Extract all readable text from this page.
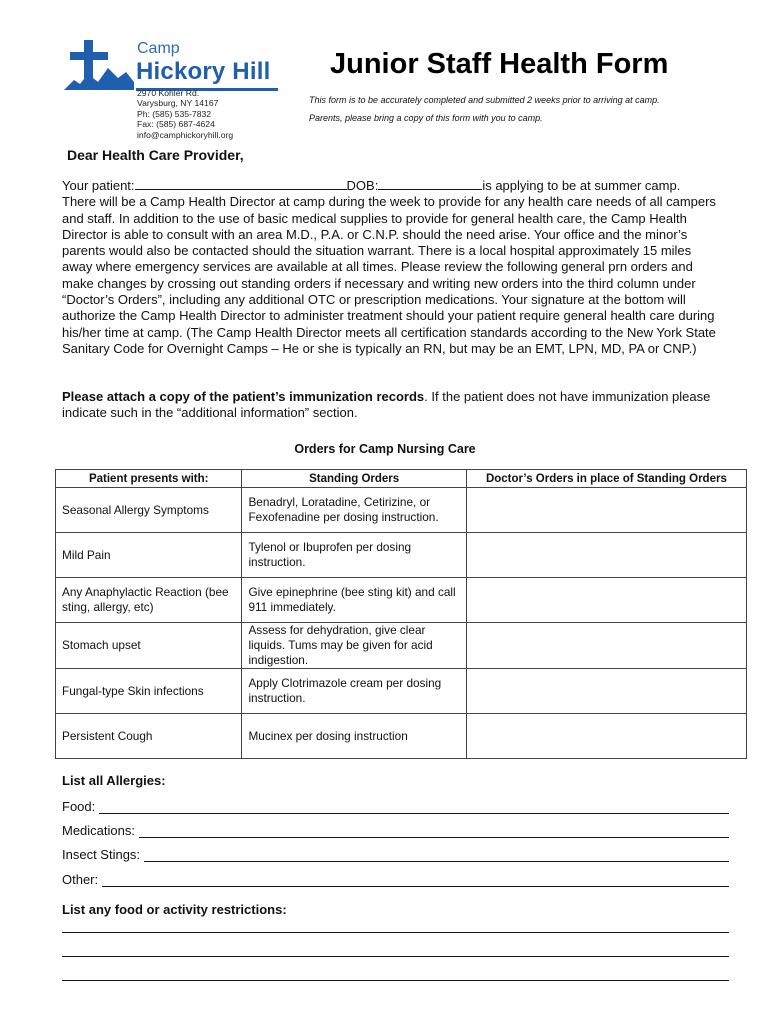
Camp
Hickory Hill
2970 Kohler Rd.
Varysburg, NY 14167
Ph: (585) 535-7832
Fax: (585) 687-4624
info@camphickoryhill.org
Junior Staff Health Form
This form is to be accurately completed and submitted 2 weeks prior to arriving at camp.
Parents, please bring a copy of this form with you to camp.
Dear Health Care Provider,
Your patient:	DOB:	is applying to be at summer camp.
There will be a Camp Health Director at camp during the week to provide for any health care needs of all campers and staff. In addition to the use of basic medical supplies to provide for general health care, the Camp Health Director is able to consult with an area M.D., P.A. or C.N.P. should the need arise. Your office and the minor’s parents would also be contacted should the situation warrant. There is a local hospital approximately 15 miles away where emergency services are available at all times. Please review the following general prn orders and make changes by crossing out standing orders if necessary and writing new orders into the third column under “Doctor’s Orders”, including any additional OTC or prescription medications. Your signature at the bottom will authorize the Camp Health Director to administer treatment should your patient require general health care during his/her time at camp. (The Camp Health Director meets all certification standards according to the New York State Sanitary Code for Overnight Camps – He or she is typically an RN, but may be an EMT, LPN, MD, PA or CNP.)
Please attach a copy of the patient’s immunization records. If the patient does not have immunization please indicate such in the “additional information” section.
Orders for Camp Nursing Care
Patient presents with:	Standing Orders	Doctor’s Orders in place of Standing Orders
Seasonal Allergy Symptoms	Benadryl, Loratadine, Cetirizine, or Fexofenadine per dosing instruction.	
Mild Pain	Tylenol or Ibuprofen per dosing instruction.	
Any Anaphylactic Reaction (bee sting, allergy, etc)	Give epinephrine (bee sting kit) and call 911 immediately.	
Stomach upset	Assess for dehydration, give clear liquids. Tums may be given for acid indigestion.	
Fungal-type Skin infections	Apply Clotrimazole cream per dosing instruction.	
Persistent Cough	Mucinex per dosing instruction	
List all Allergies:
Food:
Medications:
Insect Stings:
Other:
List any food or activity restrictions:
